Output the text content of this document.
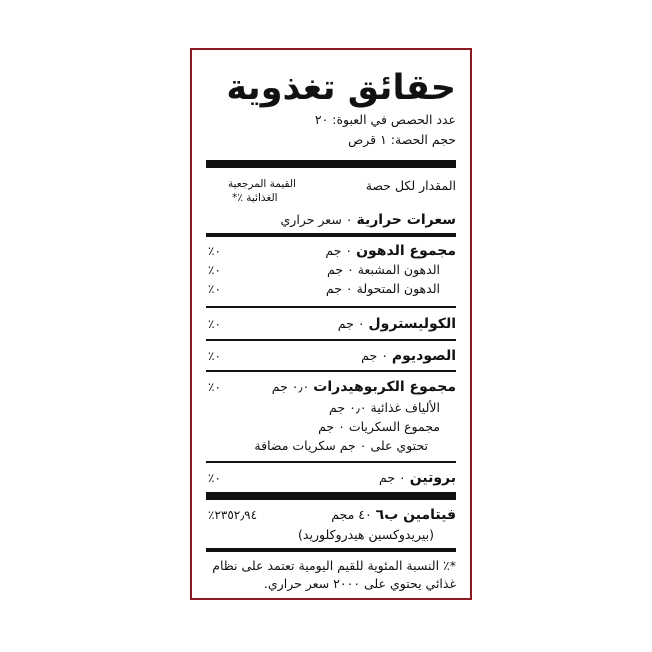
حقائق تغذوية
عدد الحصص في العبوة: ٢٠
حجم الحصة: ١ قرص
المقدار لكل حصة
القيمة المرجعية
الغذائية ٪*
سعرات حرارية ٠ سعر حراري
مجموع الدهون ٠ جم
٠٪
الدهون المشبعة ٠ جم
٠٪
الدهون المتحولة ٠ جم
٠٪
الكوليسترول ٠ جم
٠٪
الصوديوم ٠ جم
٠٪
مجموع الكربوهيدرات ٠٫٠ جم
٠٪
الألياف غذائية ٠٫٠ جم
مجموع السكريات ٠ جم
تحتوي على ٠ جم سكريات مضافة
بروتين ٠ جم
٠٪
فيتامين ب٦ ٤٠ مجم
٢٣٥٢٫٩٤٪
(بيريدوكسين هيدروكلوريد)
*٪ النسبة المئوية للقيم اليومية تعتمد على نظام
غذائي يحتوي على ٢٠٠٠ سعر حراري.
